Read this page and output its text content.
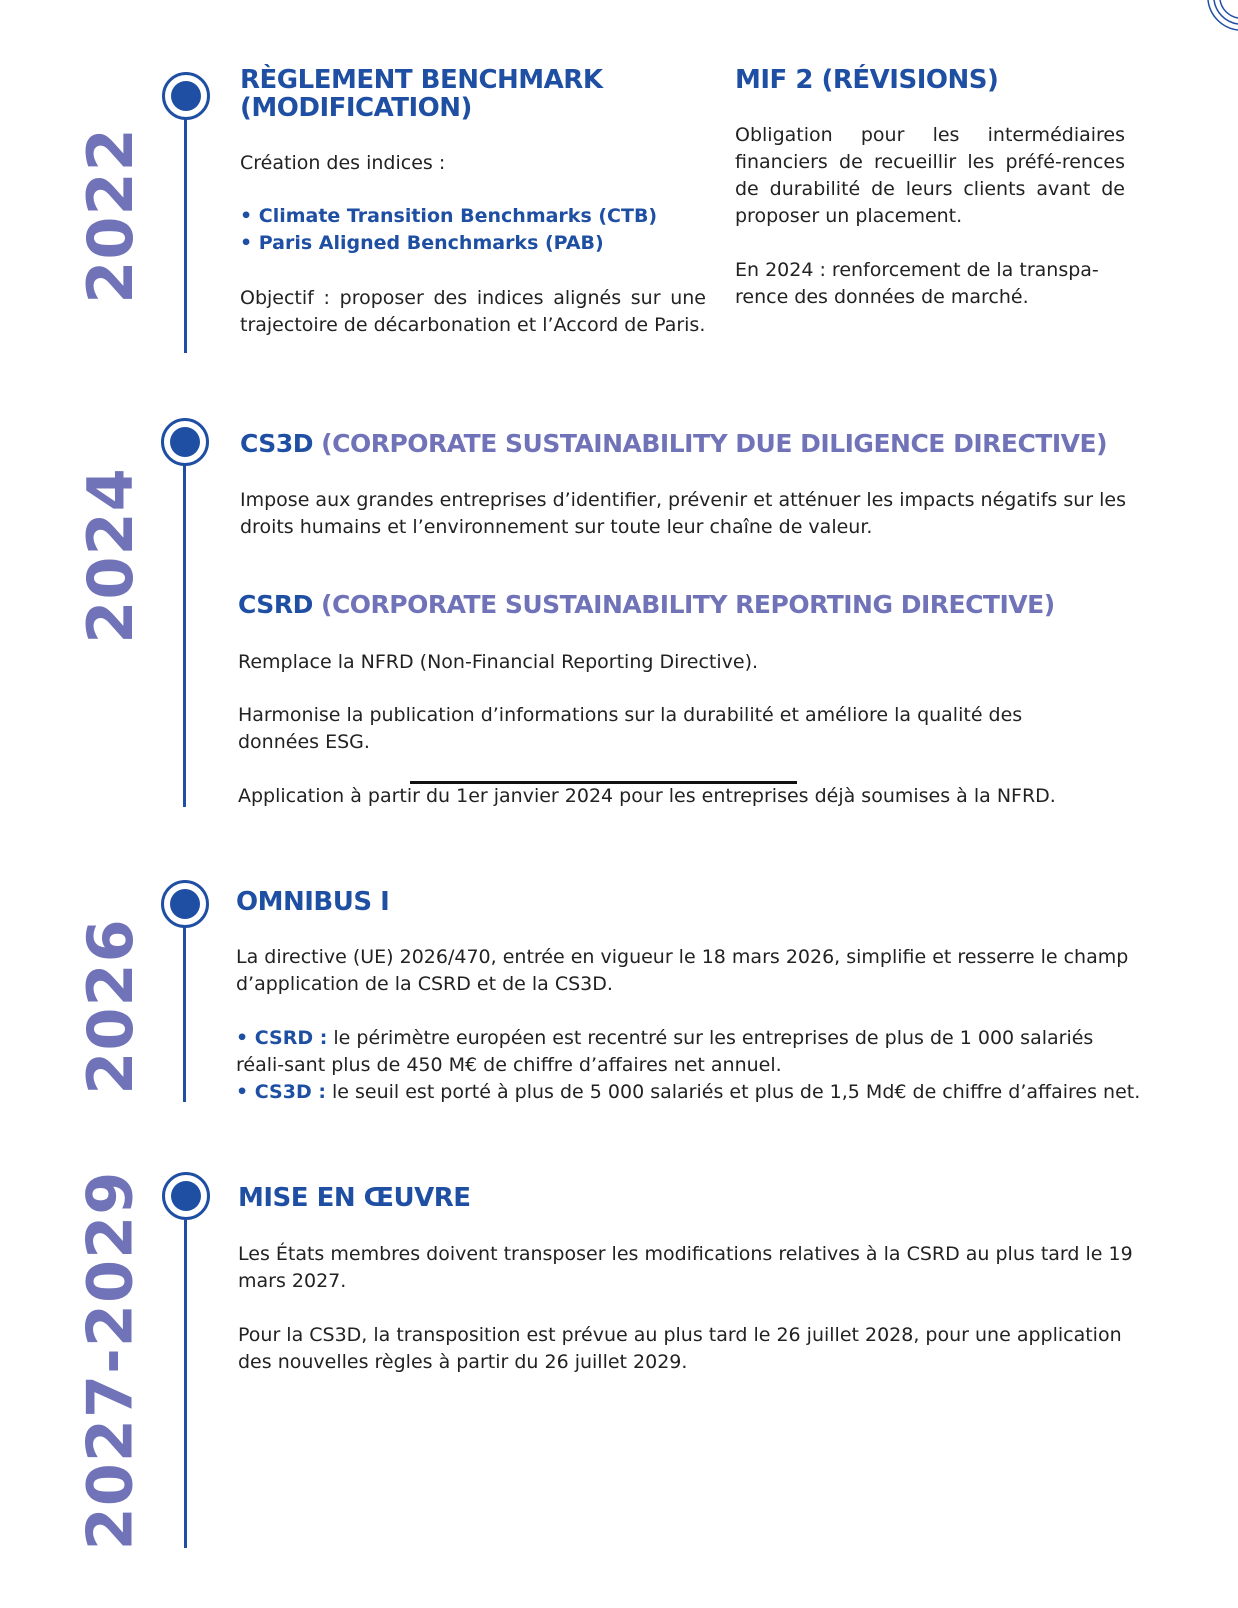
2022
RÈGLEMENT BENCHMARK
(MODIFICATION)

Création des indices :

• Climate Transition Benchmarks (CTB)
• Paris Aligned Benchmarks (PAB)

Objectif : proposer des indices alignés sur une trajectoire de décarbonation et l’Accord de Paris.

MIF 2 (RÉVISIONS)

Obligation pour les intermédiaires financiers de recueillir les préfé-rences de durabilité de leurs clients avant de proposer un placement.

En 2024 : renforcement de la transpa-rence des données de marché.

2024
CS3D (CORPORATE SUSTAINABILITY DUE DILIGENCE DIRECTIVE)

Impose aux grandes entreprises d’identifier, prévenir et atténuer les impacts négatifs sur les droits humains et l’environnement sur toute leur chaîne de valeur.

CSRD (CORPORATE SUSTAINABILITY REPORTING DIRECTIVE)

Remplace la NFRD (Non-Financial Reporting Directive).

Harmonise la publication d’informations sur la durabilité et améliore la qualité des données ESG.

Application à partir du 1er janvier 2024 pour les entreprises déjà soumises à la NFRD.

2026
OMNIBUS I

La directive (UE) 2026/470, entrée en vigueur le 18 mars 2026, simplifie et resserre le champ d’application de la CSRD et de la CS3D.

• CSRD : le périmètre européen est recentré sur les entreprises de plus de 1 000 salariés réali-sant plus de 450 M€ de chiffre d’affaires net annuel.

• CS3D : le seuil est porté à plus de 5 000 salariés et plus de 1,5 Md€ de chiffre d’affaires net.

2027-2029	MISE EN ŒUVRE

Les États membres doivent transposer les modifications relatives à la CSRD au plus tard le 19 mars 2027.

Pour la CS3D, la transposition est prévue au plus tard le 26 juillet 2028, pour une application des nouvelles règles à partir du 26 juillet 2029.
